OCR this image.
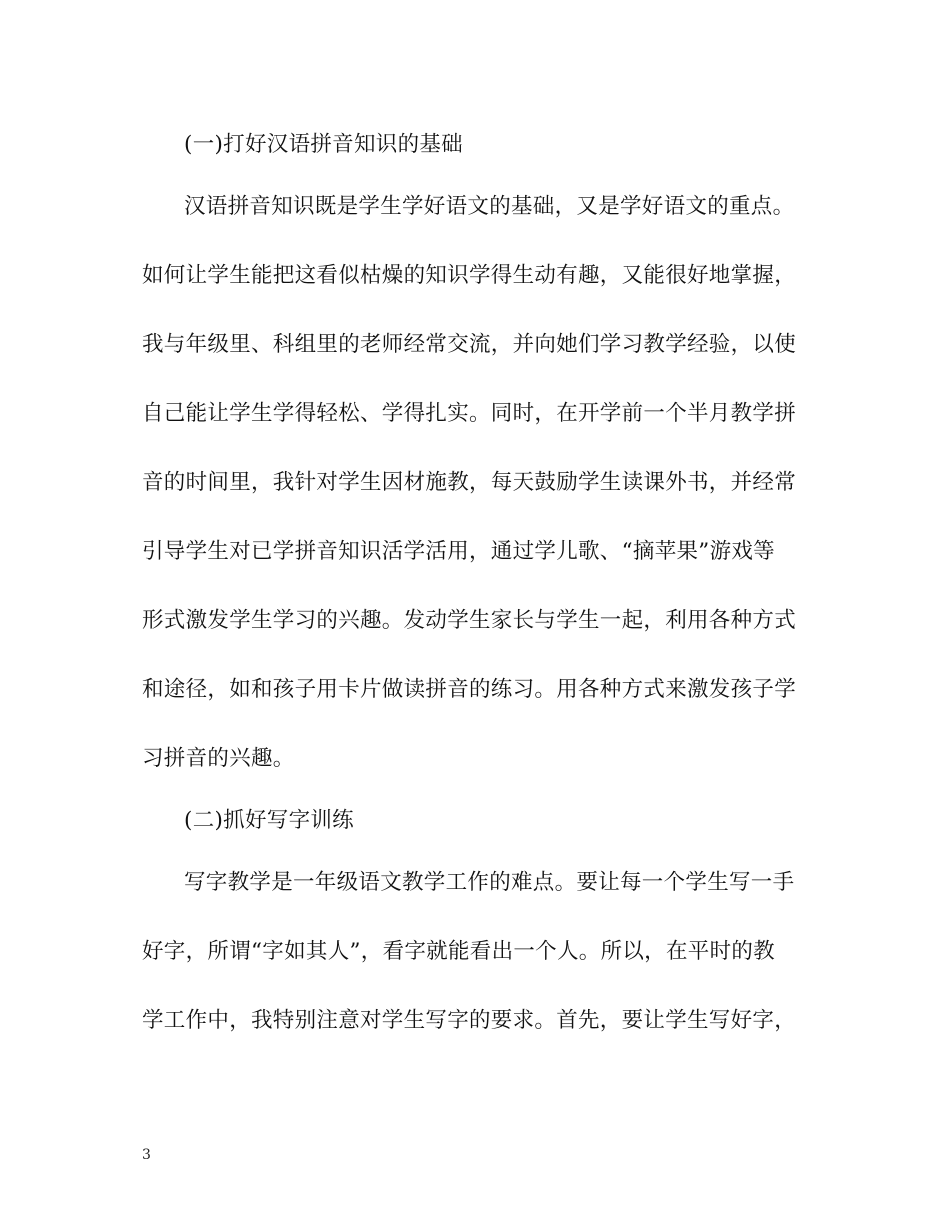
(一)打好汉语拼音知识的基础
汉语拼音知识既是学生学好语文的基础，又是学好语文的重点。
如何让学生能把这看似枯燥的知识学得生动有趣，又能很好地掌握，
我与年级里、科组里的老师经常交流，并向她们学习教学经验，以使
自己能让学生学得轻松、学得扎实。同时，在开学前一个半月教学拼
音的时间里，我针对学生因材施教，每天鼓励学生读课外书，并经常
引导学生对已学拼音知识活学活用，通过学儿歌、“摘苹果”游戏等
形式激发学生学习的兴趣。发动学生家长与学生一起，利用各种方式
和途径，如和孩子用卡片做读拼音的练习。用各种方式来激发孩子学
习拼音的兴趣。
(二)抓好写字训练
写字教学是一年级语文教学工作的难点。要让每一个学生写一手
好字，所谓“字如其人”，看字就能看出一个人。所以，在平时的教
学工作中，我特别注意对学生写字的要求。首先，要让学生写好字，
3
